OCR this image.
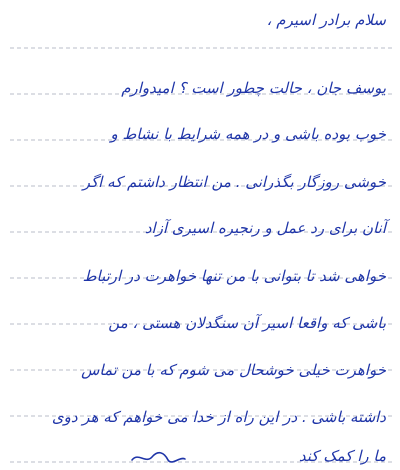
سلام برادر اسیرم ،
یوسف جان ، حالت چطور است ؟ امیدوارم
خوب بوده باشی و در همه شرایط با نشاط و
خوشی روزگار بگذرانی . من انتظار داشتم که اگر
آنان برای رد عمل و رنجیره اسیری آزاد
خواهی شد تا بتوانی با من تنها خواهرت در ارتباط
باشی که واقعا اسیر آن سنگدلان هستی ، من
خواهرت خیلی خوشحال می شوم که با من تماس
داشته باشی . در این راه از خدا می خواهم که هر دوی
ما را کمک کند
